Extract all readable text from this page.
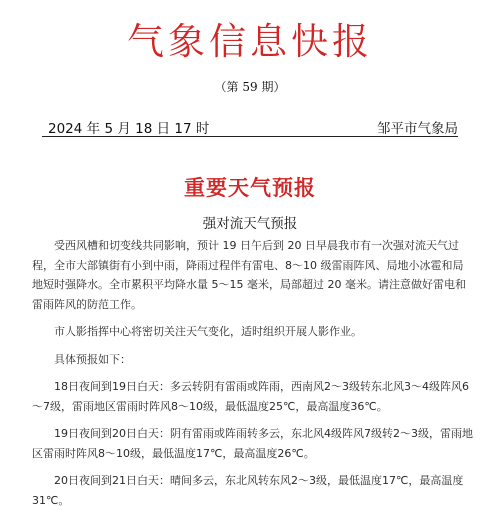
气象信息快报
（第 59 期）
2024 年 5 月 18 日 17 时	邹平市气象局
重要天气预报
强对流天气预报

受西风槽和切变线共同影响，预计 19 日午后到 20 日早晨我市有一次强对流天气过程，全市大部镇街有小到中雨，降雨过程伴有雷电、8～10 级雷雨阵风、局地小冰雹和局地短时强降水。全市累积平均降水量 5～15 毫米，局部超过 20 毫米。请注意做好雷电和雷雨阵风的防范工作。

市人影指挥中心将密切关注天气变化，适时组织开展人影作业。

具体预报如下：

18日夜间到19日白天：多云转阴有雷雨或阵雨，西南风2～3级转东北风3～4级阵风6～7级，雷雨地区雷雨时阵风8～10级，最低温度25℃，最高温度36℃。

19日夜间到20日白天：阴有雷雨或阵雨转多云，东北风4级阵风7级转2～3级，雷雨地区雷雨时阵风8～10级，最低温度17℃，最高温度26℃。

20日夜间到21日白天：晴间多云，东北风转东风2～3级，最低温度17℃，最高温度31℃。
